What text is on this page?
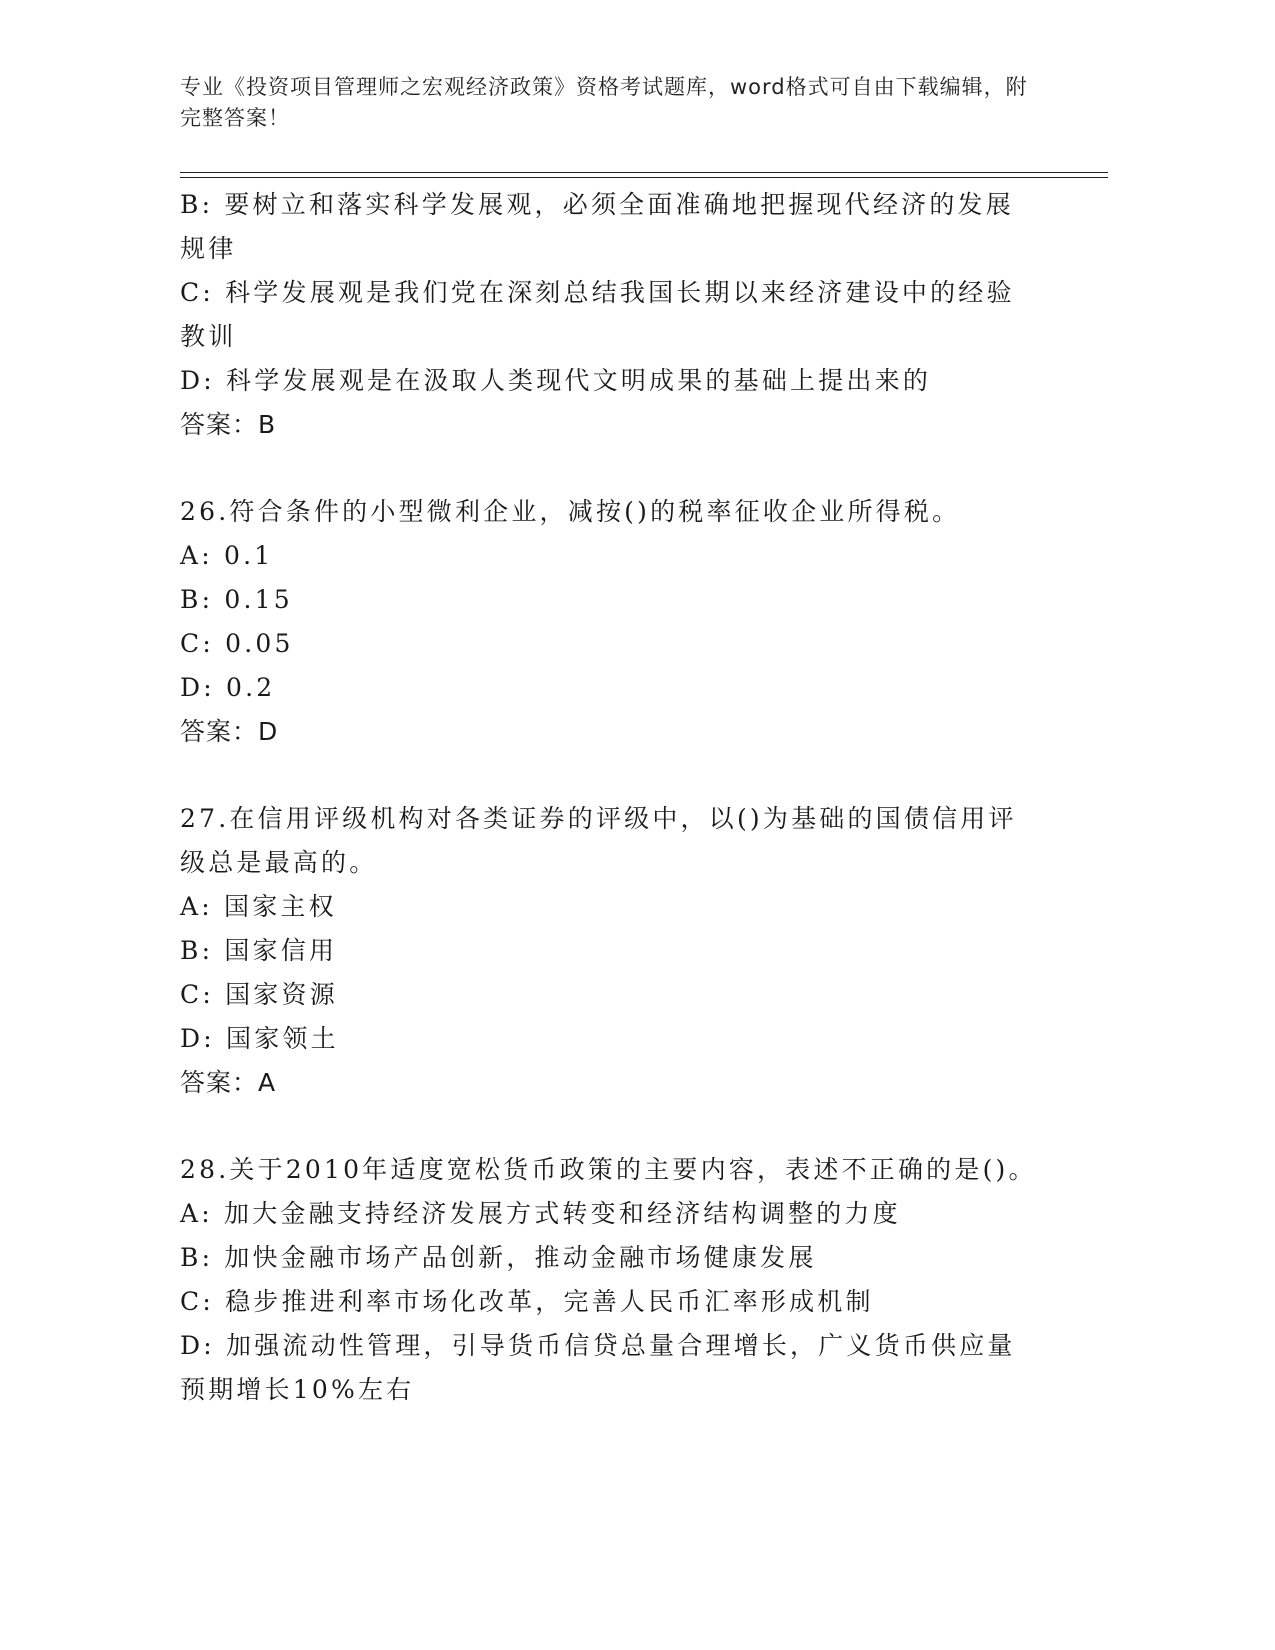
专业《投资项目管理师之宏观经济政策》资格考试题库，word格式可自由下载编辑，附完整答案！

B: 要树立和落实科学发展观，必须全面准确地把握现代经济的发展规律

C: 科学发展观是我们党在深刻总结我国长期以来经济建设中的经验教训

D: 科学发展观是在汲取人类现代文明成果的基础上提出来的

答案：B

26.符合条件的小型微利企业，减按()的税率征收企业所得税。

A: 0.1

B: 0.15

C: 0.05

D: 0.2

答案：D

27.在信用评级机构对各类证券的评级中，以()为基础的国债信用评级总是最高的。

A: 国家主权

B: 国家信用

C: 国家资源

D: 国家领土

答案：A

28.关于2010年适度宽松货币政策的主要内容，表述不正确的是()。

A: 加大金融支持经济发展方式转变和经济结构调整的力度

B: 加快金融市场产品创新，推动金融市场健康发展

C: 稳步推进利率市场化改革，完善人民币汇率形成机制

D: 加强流动性管理，引导货币信贷总量合理增长，广义货币供应量预期增长10%左右
